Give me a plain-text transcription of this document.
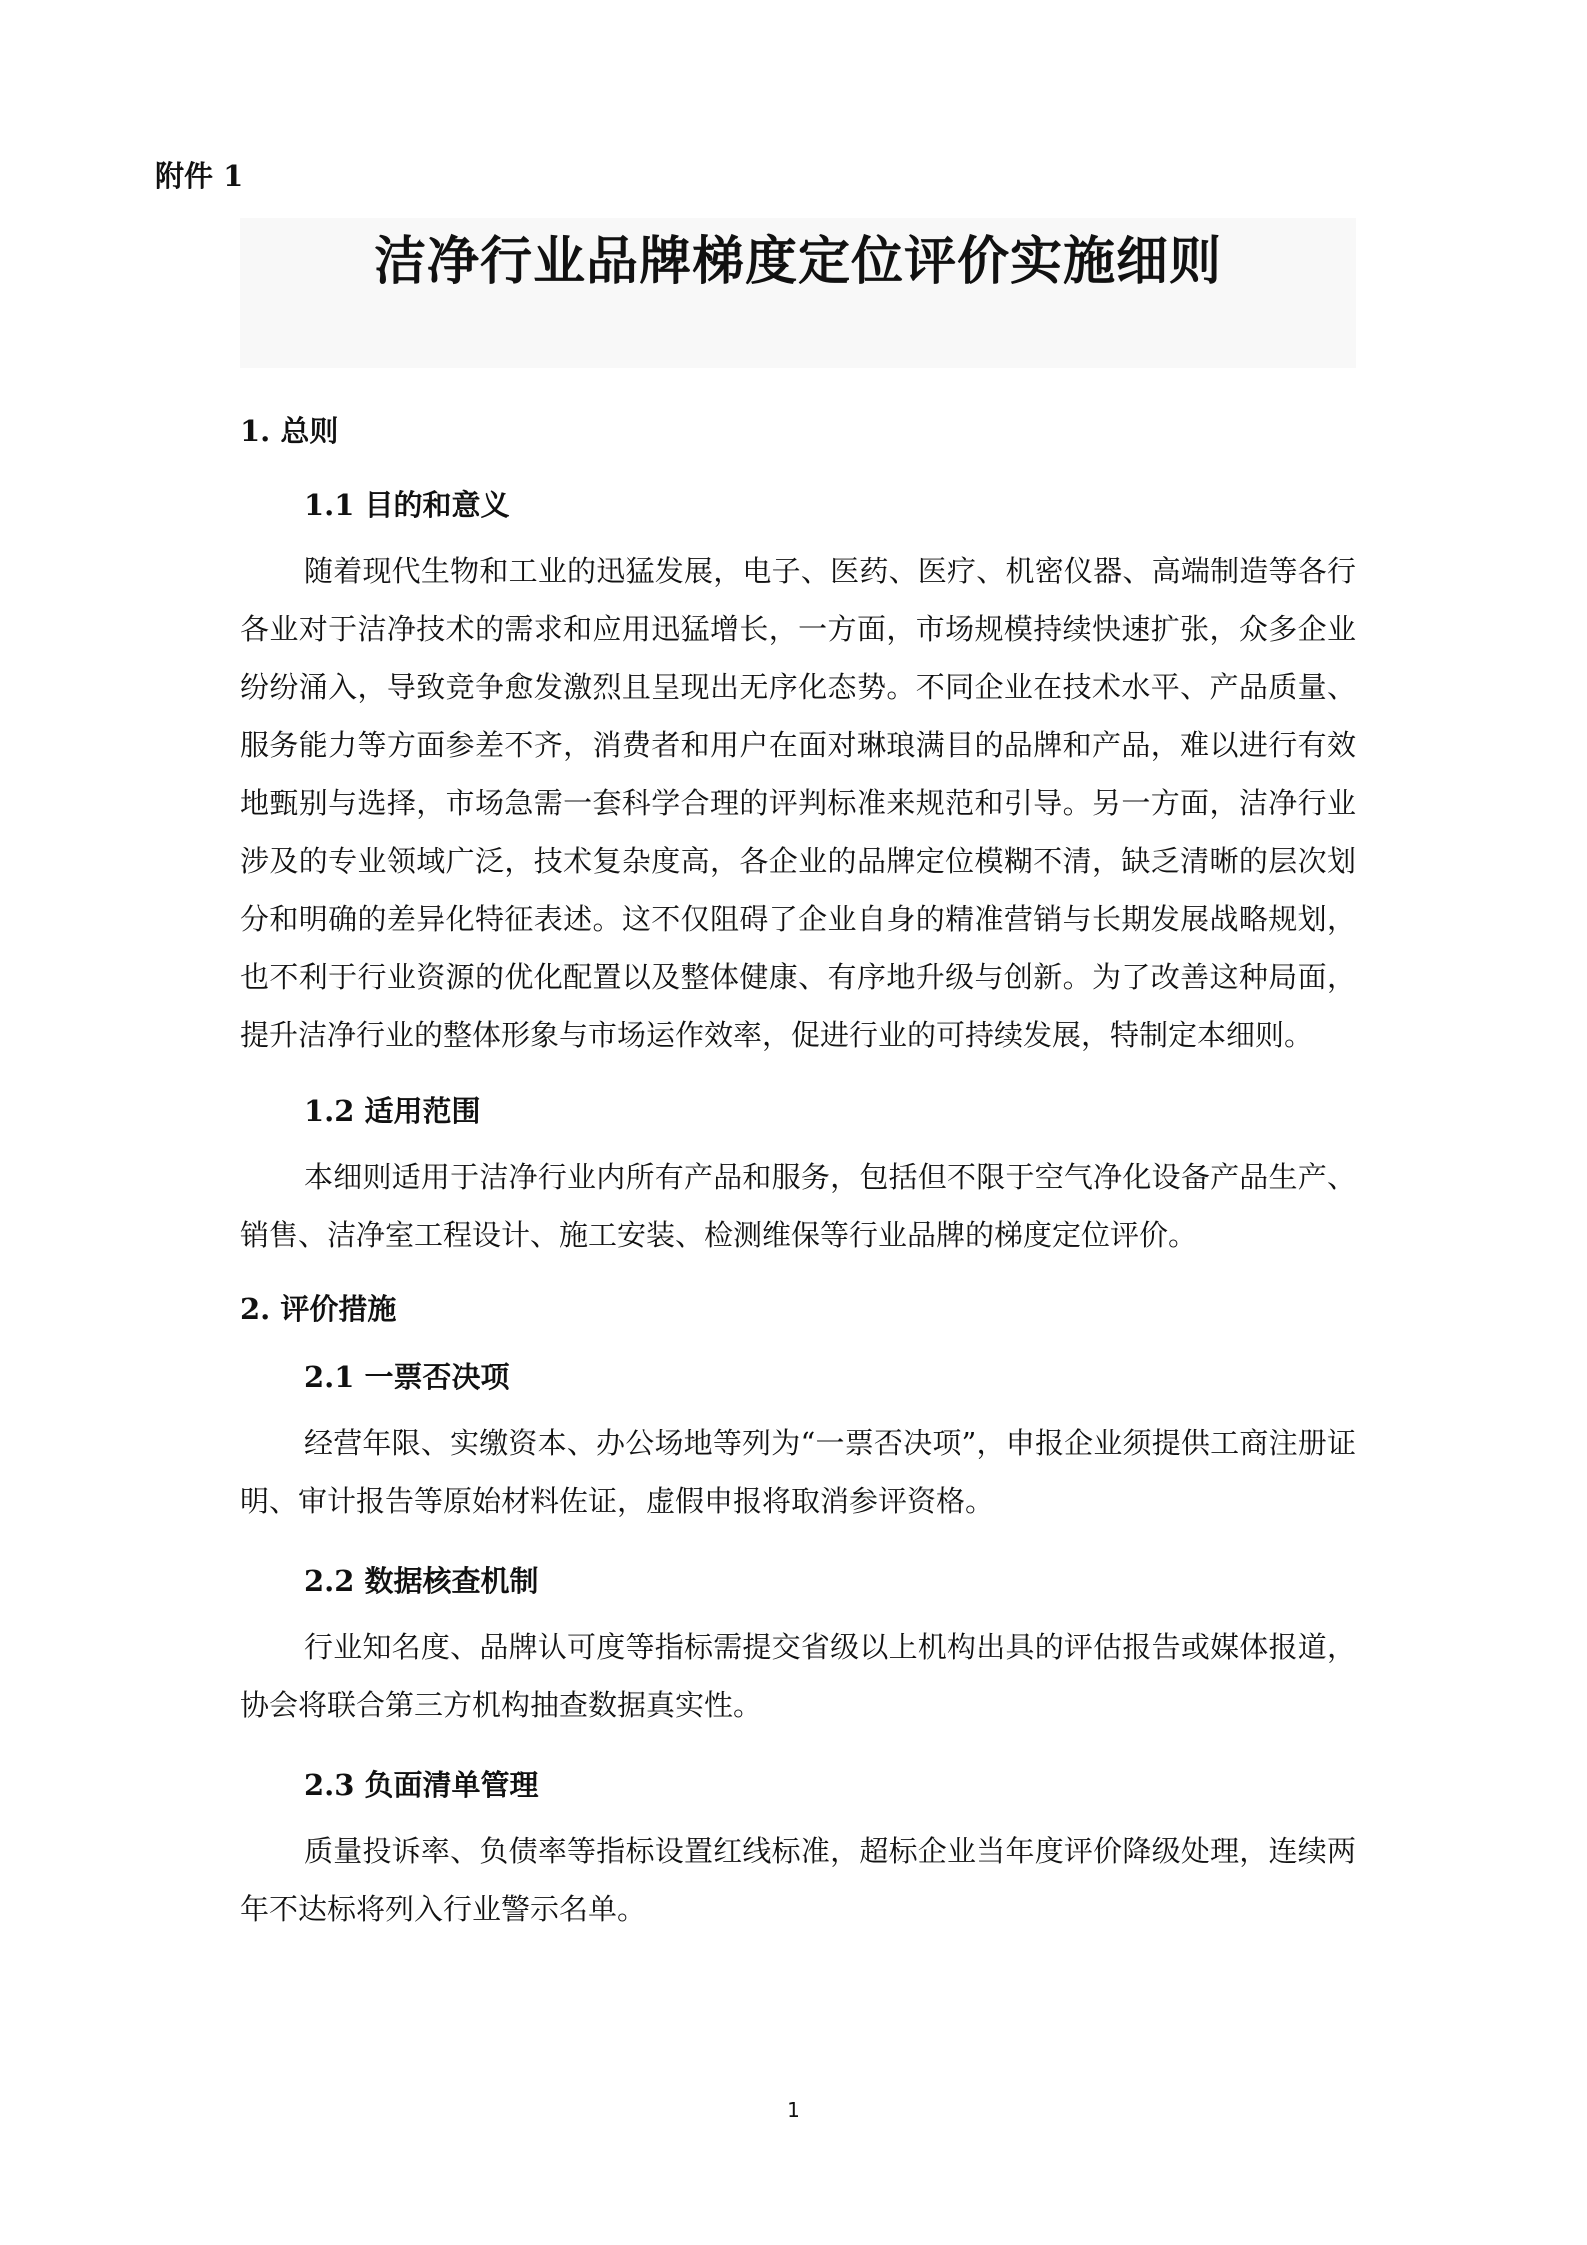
附件 1
洁净行业品牌梯度定位评价实施细则
1. 总则
1.1 目的和意义

随着现代生物和工业的迅猛发展，电子、医药、医疗、机密仪器、高端制造等各行各业对于洁净技术的需求和应用迅猛增长，一方面，市场规模持续快速扩张，众多企业纷纷涌入，导致竞争愈发激烈且呈现出无序化态势。不同企业在技术水平、产品质量、服务能力等方面参差不齐，消费者和用户在面对琳琅满目的品牌和产品，难以进行有效地甄别与选择，市场急需一套科学合理的评判标准来规范和引导。另一方面，洁净行业涉及的专业领域广泛，技术复杂度高，各企业的品牌定位模糊不清，缺乏清晰的层次划分和明确的差异化特征表述。这不仅阻碍了企业自身的精准营销与长期发展战略规划，也不利于行业资源的优化配置以及整体健康、有序地升级与创新。为了改善这种局面，提升洁净行业的整体形象与市场运作效率，促进行业的可持续发展，特制定本细则。

1.2 适用范围

本细则适用于洁净行业内所有产品和服务，包括但不限于空气净化设备产品生产、销售、洁净室工程设计、施工安装、检测维保等行业品牌的梯度定位评价。

2. 评价措施
2.1 一票否决项

经营年限、实缴资本、办公场地等列为“一票否决项”，申报企业须提供工商注册证明、审计报告等原始材料佐证，虚假申报将取消参评资格。

2.2 数据核查机制

行业知名度、品牌认可度等指标需提交省级以上机构出具的评估报告或媒体报道，协会将联合第三方机构抽查数据真实性。

2.3 负面清单管理

质量投诉率、负债率等指标设置红线标准，超标企业当年度评价降级处理，连续两年不达标将列入行业警示名单。

1
